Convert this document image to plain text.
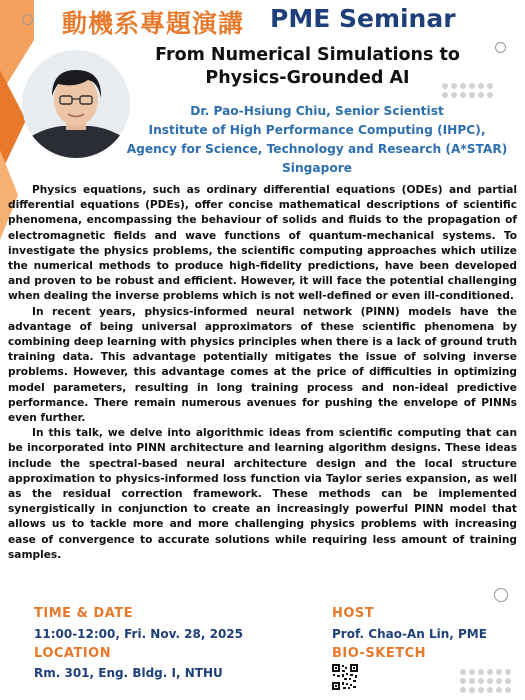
動機系專題演講 PME Seminar
From Numerical Simulations to
Physics-Grounded AI
Dr. Pao-Hsiung Chiu, Senior Scientist
Institute of High Performance Computing (IHPC),
Agency for Science, Technology and Research (A*STAR)
Singapore

Physics equations, such as ordinary differential equations (ODEs) and partial differential equations (PDEs), offer concise mathematical descriptions of scientific phenomena, encompassing the behaviour of solids and fluids to the propagation of electromagnetic fields and wave functions of quantum-mechanical systems. To investigate the physics problems, the scientific computing approaches which utilize the numerical methods to produce high-fidelity predictions, have been developed and proven to be robust and efficient. However, it will face the potential challenging when dealing the inverse problems which is not well-defined or even ill-conditioned.

In recent years, physics-informed neural network (PINN) models have the advantage of being universal approximators of these scientific phenomena by combining deep learning with physics principles when there is a lack of ground truth training data. This advantage potentially mitigates the issue of solving inverse problems. However, this advantage comes at the price of difficulties in optimizing model parameters, resulting in long training process and non-ideal predictive performance. There remain numerous avenues for pushing the envelope of PINNs even further.

In this talk, we delve into algorithmic ideas from scientific computing that can be incorporated into PINN architecture and learning algorithm designs. These ideas include the spectral-based neural architecture design and the local structure approximation to physics-informed loss function via Taylor series expansion, as well as the residual correction framework. These methods can be implemented synergistically in conjunction to create an increasingly powerful PINN model that allows us to tackle more and more challenging physics problems with increasing ease of convergence to accurate solutions while requiring less amount of training samples.

TIME & DATE
11:00-12:00, Fri. Nov. 28, 2025
LOCATION
Rm. 301, Eng. Bldg. I, NTHU
HOST
Prof. Chao-An Lin, PME
BIO-SKETCH
